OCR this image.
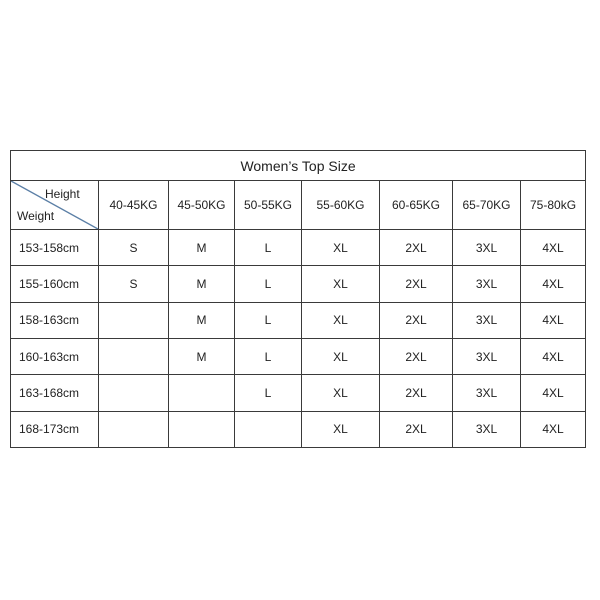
Women’s Top Size							

Height
Weight	40-45KG	45-50KG	50-55KG	55-60KG	60-65KG	65-70KG	75-80kG
153-158cm	S	M	L	XL	2XL	3XL	4XL
155-160cm	S	M	L	XL	2XL	3XL	4XL
158-163cm		M	L	XL	2XL	3XL	4XL
160-163cm		M	L	XL	2XL	3XL	4XL
163-168cm			L	XL	2XL	3XL	4XL
168-173cm				XL	2XL	3XL	4XL
